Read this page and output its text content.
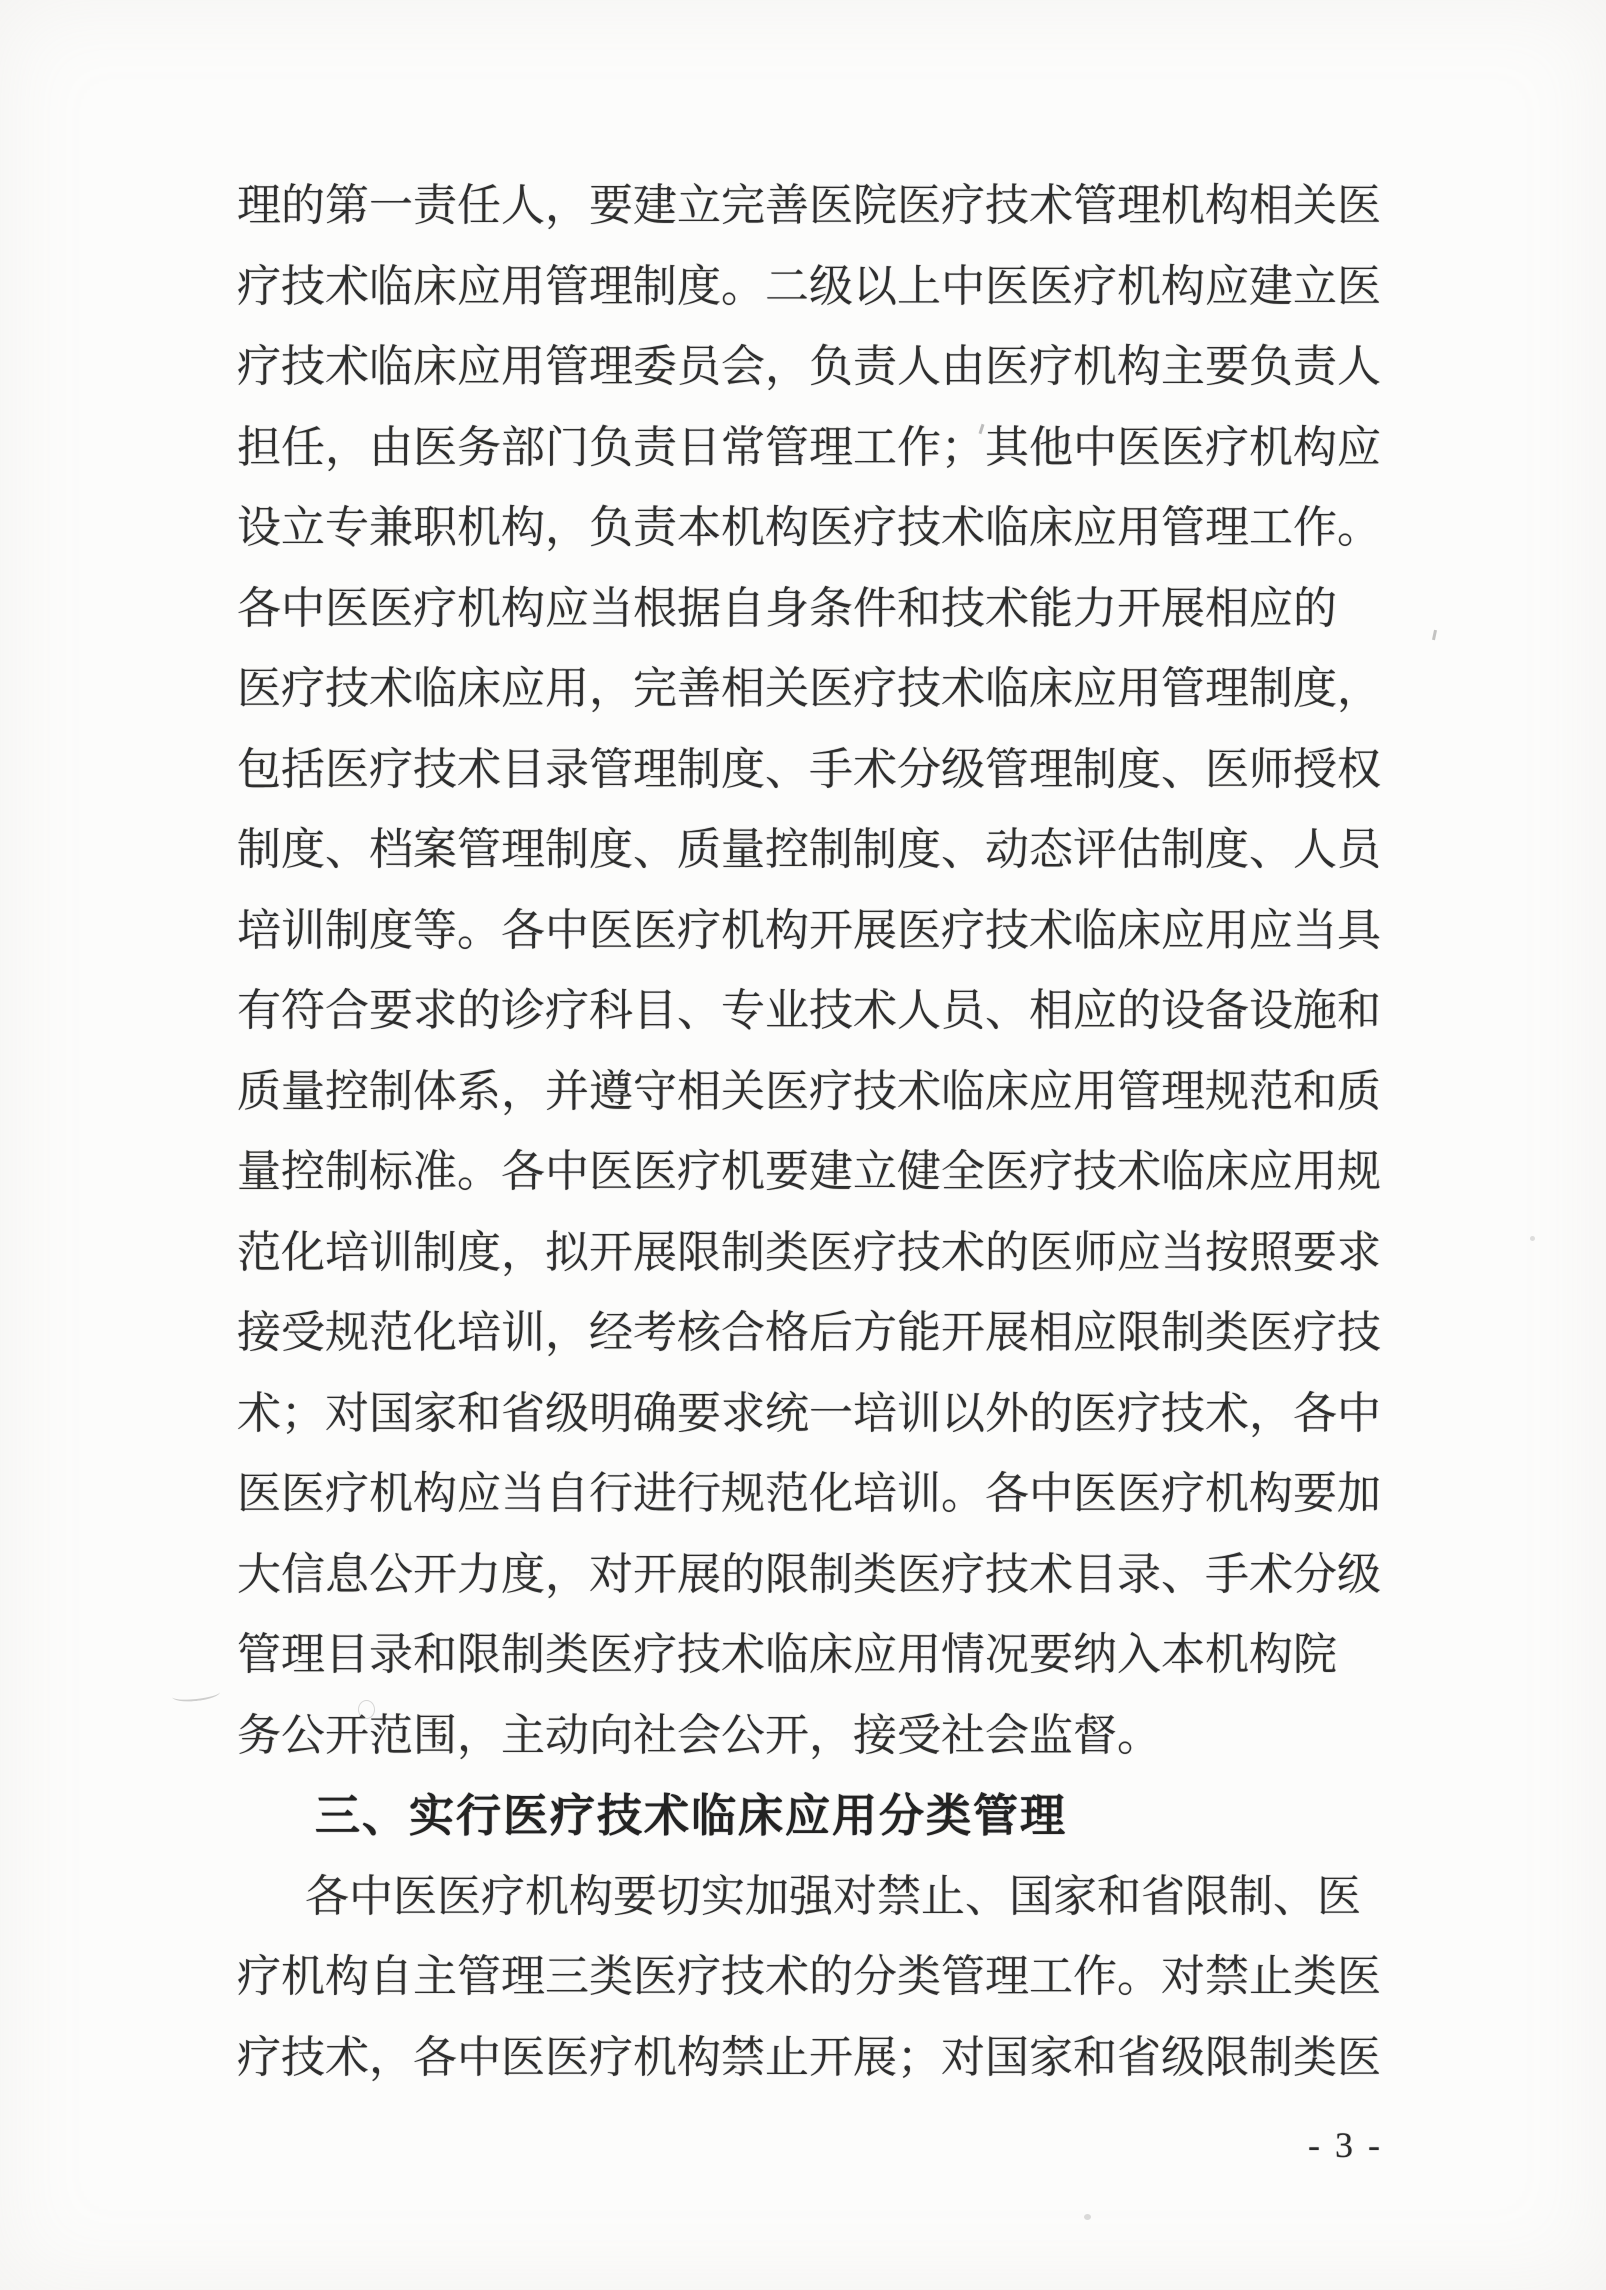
理的第一责任人，要建立完善医院医疗技术管理机构相关医
疗技术临床应用管理制度。二级以上中医医疗机构应建立医
疗技术临床应用管理委员会，负责人由医疗机构主要负责人
担任，由医务部门负责日常管理工作；其他中医医疗机构应
设立专兼职机构，负责本机构医疗技术临床应用管理工作。
各中医医疗机构应当根据自身条件和技术能力开展相应的
医疗技术临床应用，完善相关医疗技术临床应用管理制度，
包括医疗技术目录管理制度、手术分级管理制度、医师授权
制度、档案管理制度、质量控制制度、动态评估制度、人员
培训制度等。各中医医疗机构开展医疗技术临床应用应当具
有符合要求的诊疗科目、专业技术人员、相应的设备设施和
质量控制体系，并遵守相关医疗技术临床应用管理规范和质
量控制标准。各中医医疗机要建立健全医疗技术临床应用规
范化培训制度，拟开展限制类医疗技术的医师应当按照要求
接受规范化培训，经考核合格后方能开展相应限制类医疗技
术；对国家和省级明确要求统一培训以外的医疗技术，各中
医医疗机构应当自行进行规范化培训。各中医医疗机构要加
大信息公开力度，对开展的限制类医疗技术目录、手术分级
管理目录和限制类医疗技术临床应用情况要纳入本机构院
务公开范围，主动向社会公开，接受社会监督。
三、实行医疗技术临床应用分类管理
各中医医疗机构要切实加强对禁止、国家和省限制、医
疗机构自主管理三类医疗技术的分类管理工作。对禁止类医
疗技术，各中医医疗机构禁止开展；对国家和省级限制类医
- 3 -
